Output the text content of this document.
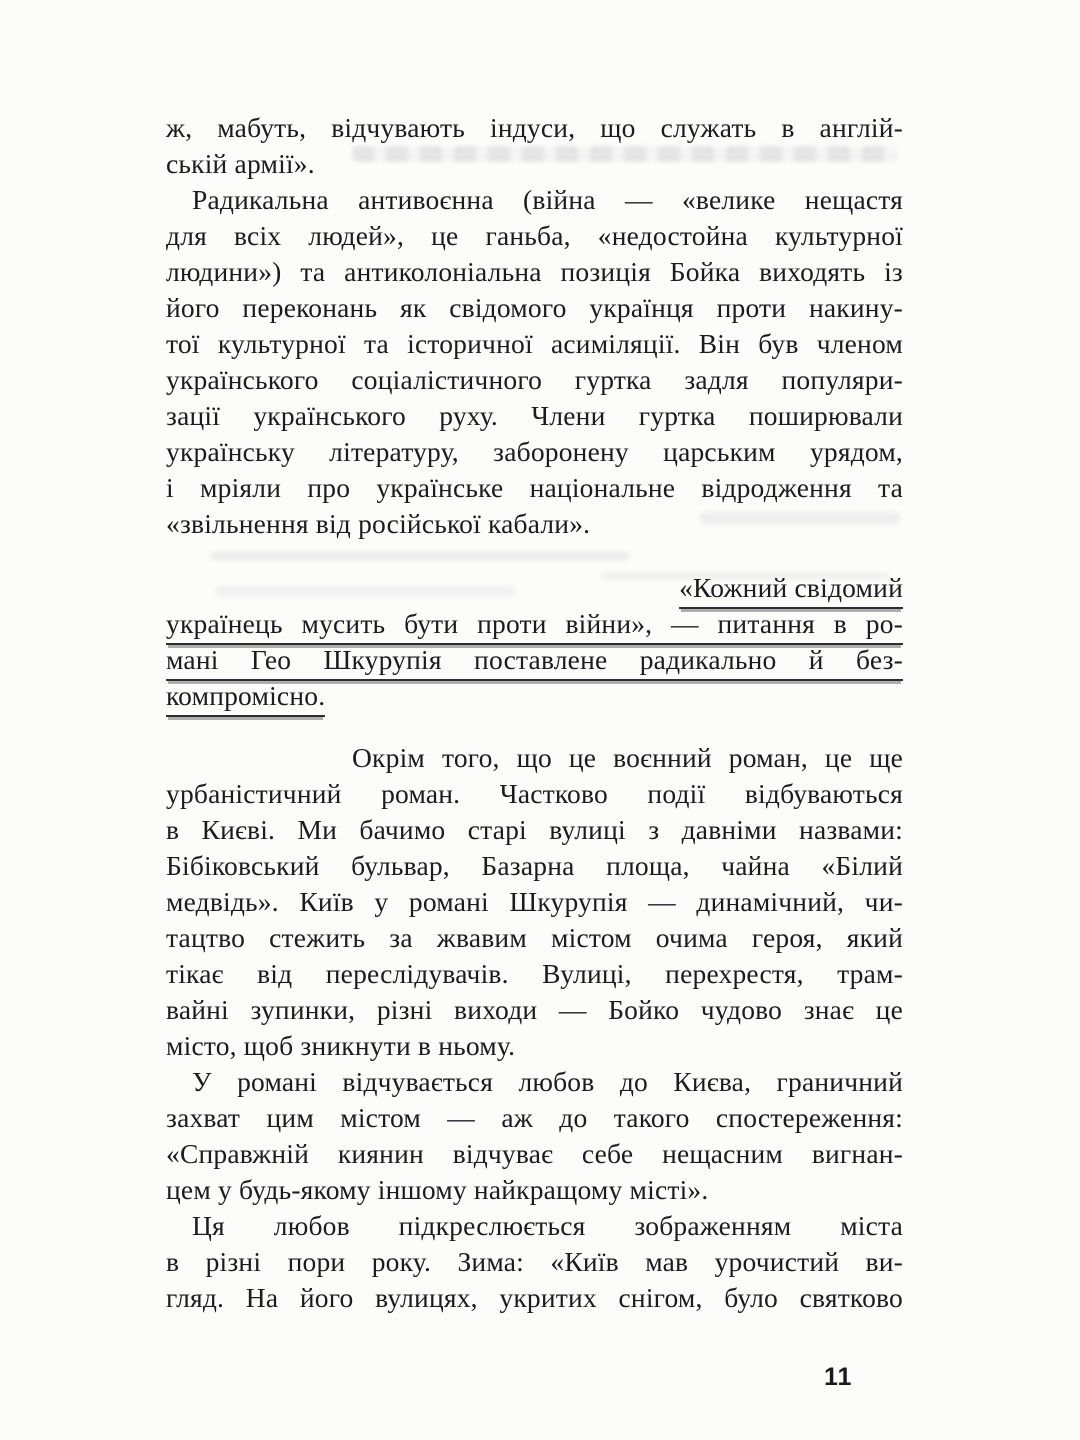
ж, мабуть, відчувають індуси, що служать в англій-
ській армії».
Радикальна антивоєнна (війна — «велике нещастя
для всіх людей», це ганьба, «недостойна культурної
людини») та антиколоніальна позиція Бойка виходять із
його переконань як свідомого українця проти накину-
тої культурної та історичної асиміляції. Він був членом
українського соціалістичного гуртка задля популяри-
зації українського руху. Члени гуртка поширювали
українську літературу, заборонену царським урядом,
і мріяли про українське національне відродження та
«звільнення від російської кабали».
«Кожний свідомий
українець мусить бути проти війни», — питання в ро-
мані Гео Шкурупія поставлене радикально й без-
компромісно.
Окрім того, що це воєнний роман, це ще
урбаністичний роман. Частково події відбуваються
в Києві. Ми бачимо старі вулиці з давніми назвами:
Бібіковський бульвар, Базарна площа, чайна «Білий
медвідь». Київ у романі Шкурупія — динамічний, чи-
тацтво стежить за жвавим містом очима героя, який
тікає від переслідувачів. Вулиці, перехрестя, трам-
вайні зупинки, різні виходи — Бойко чудово знає це
місто, щоб зникнути в ньому.
У романі відчувається любов до Києва, граничний
захват цим містом — аж до такого спостереження:
«Справжній киянин відчуває себе нещасним вигнан-
цем у будь-якому іншому найкращому місті».
Ця любов підкреслюється зображенням міста
в різні пори року. Зима: «Київ мав урочистий ви-
гляд. На його вулицях, укритих снігом, було святково
11
